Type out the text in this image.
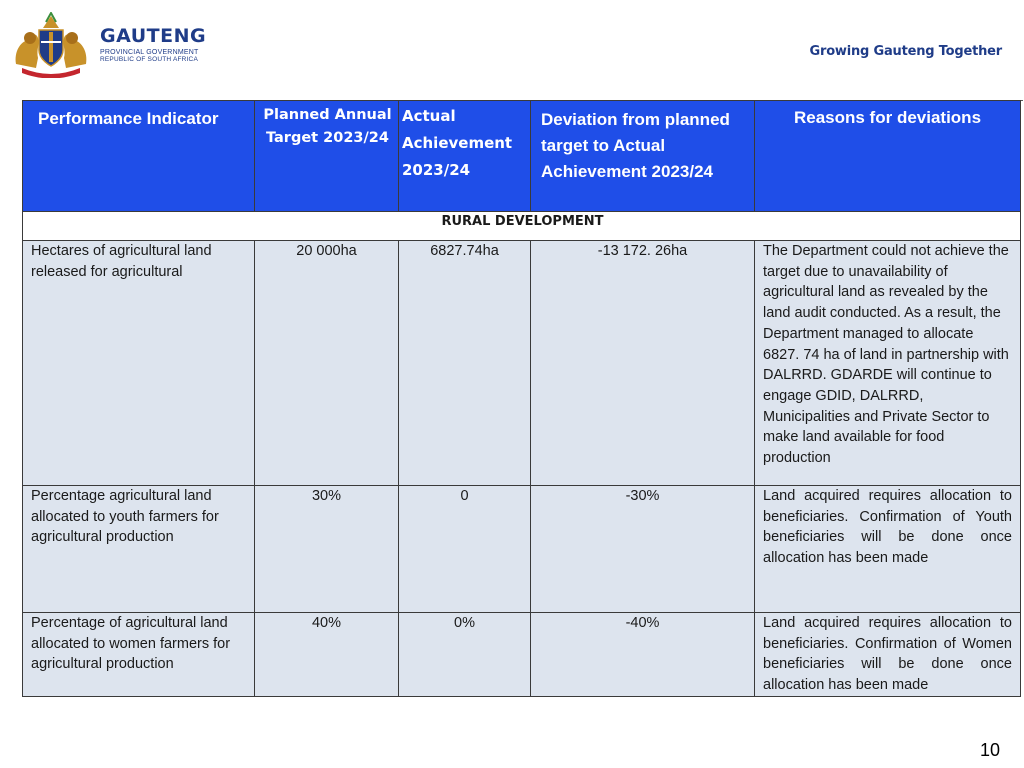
GAUTENG
PROVINCIAL GOVERNMENT
REPUBLIC OF SOUTH AFRICA
Growing Gauteng Together
Performance Indicator	Planned Annual Target 2023/24	Actual Achievement 2023/24	Deviation from planned target to Actual Achievement 2023/24	Reasons for deviations

RURAL DEVELOPMENT				
Hectares of agricultural land released for agricultural	20 000ha	6827.74ha	-13 172. 26ha	The Department could not achieve the target due to unavailability of agricultural land as revealed by the land audit conducted. As a result, the Department managed to allocate 6827. 74 ha of land in partnership with DALRRD. GDARDE will continue to engage GDID, DALRRD, Municipalities and Private Sector to make land available for food production
Percentage agricultural land allocated to youth farmers for agricultural production	30%	0	-30%	Land acquired requires allocation to beneficiaries. Confirmation of Youth beneficiaries will be done once allocation has been made
Percentage of agricultural land allocated to women farmers for agricultural production	40%	0%	-40%	Land acquired requires allocation to beneficiaries. Confirmation of Women beneficiaries will be done once allocation has been made
10
